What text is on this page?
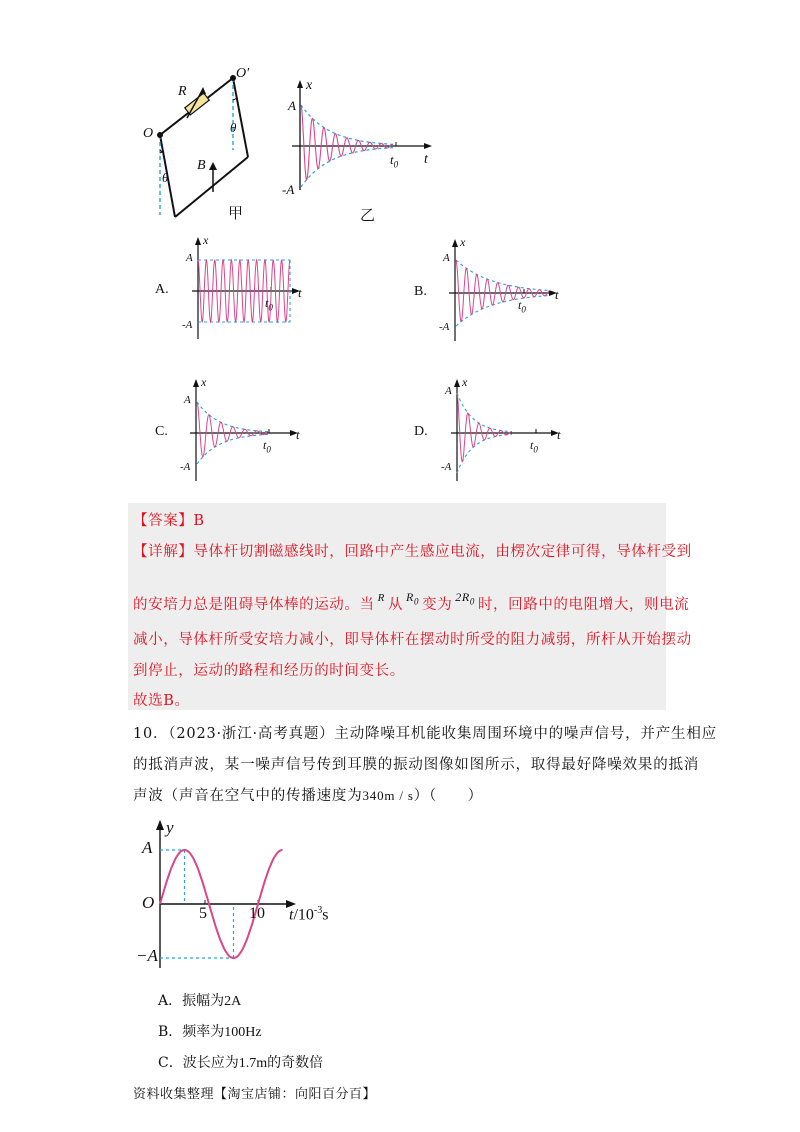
R
O
O′
θ
θ
B
甲
x
A
-A
$t_0$ t
乙
A.
x
A
-A
$t_0$
t	B.
x
A
-A
$t_0$
t
C.
x
A
-A
$t_0$
t	D.
x
A
-A
$t_0$
t
【答案】B
【详解】导体杆切割磁感线时，回路中产生感应电流，由楞次定律可得，导体杆受到
的安培力总是阻碍导体棒的运动。当 $^R$ 从 $^{R_0}$ 变为 $^{2R_0}$ 时，回路中的电阻增大，则电流
减小，导体杆所受安培力减小，即导体杆在摆动时所受的阻力减弱，所杆从开始摆动
到停止，运动的路程和经历的时间变长。
故选B。
10．（2023·浙江·高考真题）主动降噪耳机能收集周围环境中的噪声信号，并产生相应
的抵消声波，某一噪声信号传到耳膜的振动图像如图所示，取得最好降噪效果的抵消
声波（声音在空气中的传播速度为340m / s）（　　）
y
A
−A
O
5	10 $t/10^{-3}s$
A．振幅为2A
B．频率为100Hz
C．波长应为1.7m的奇数倍
资料收集整理【淘宝店铺：向阳百分百】
